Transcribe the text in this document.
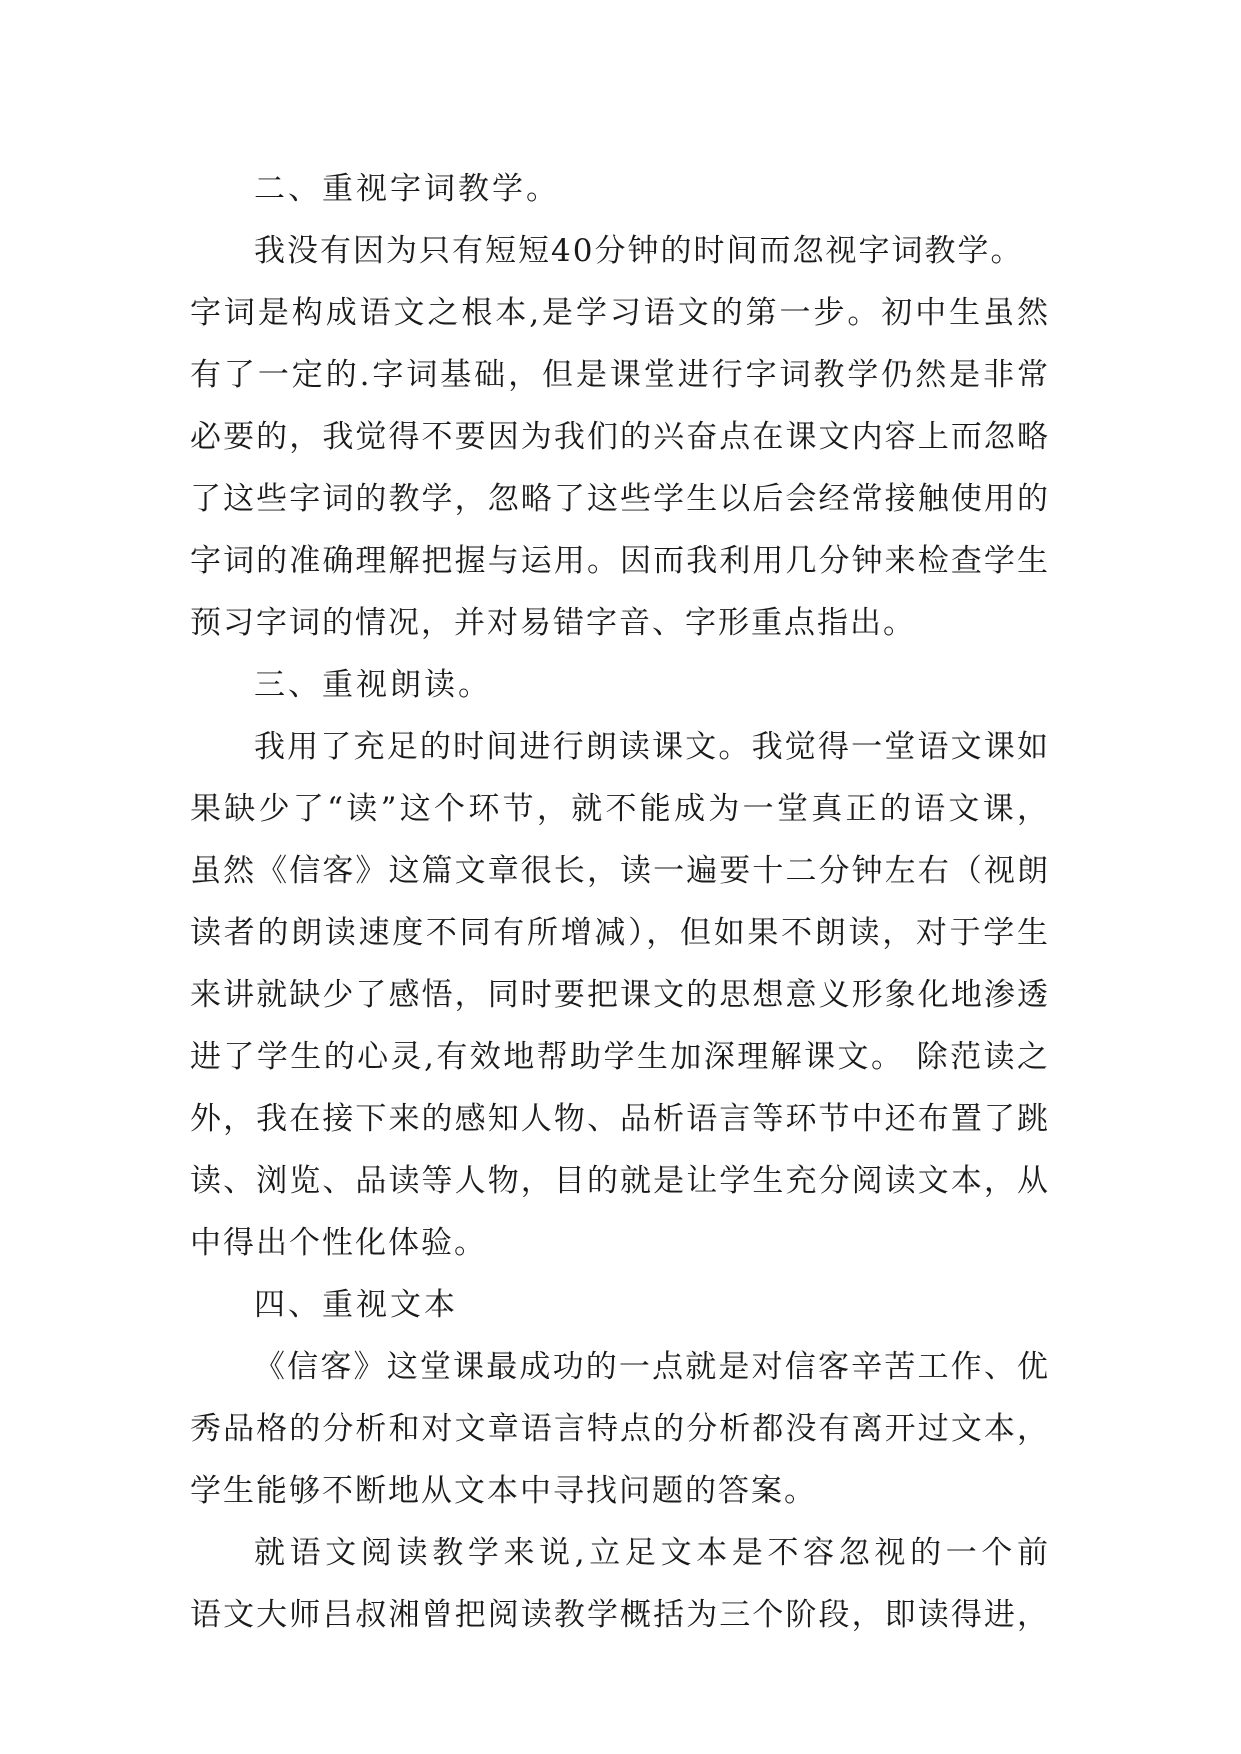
二、重视字词教学。
我没有因为只有短短40分钟的时间而忽视字词教学。
字词是构成语文之根本,是学习语文的第一步。初中生虽然
有了一定的.字词基础，但是课堂进行字词教学仍然是非常
必要的，我觉得不要因为我们的兴奋点在课文内容上而忽略
了这些字词的教学，忽略了这些学生以后会经常接触使用的
字词的准确理解把握与运用。因而我利用几分钟来检查学生
预习字词的情况，并对易错字音、字形重点指出。
三、重视朗读。
我用了充足的时间进行朗读课文。我觉得一堂语文课如
果缺少了“读”这个环节，就不能成为一堂真正的语文课，
虽然《信客》这篇文章很长，读一遍要十二分钟左右（视朗
读者的朗读速度不同有所增减），但如果不朗读，对于学生
来讲就缺少了感悟，同时要把课文的思想意义形象化地渗透
进了学生的心灵,有效地帮助学生加深理解课文。 除范读之
外，我在接下来的感知人物、品析语言等环节中还布置了跳
读、浏览、品读等人物，目的就是让学生充分阅读文本，从
中得出个性化体验。
四、重视文本
《信客》这堂课最成功的一点就是对信客辛苦工作、优
秀品格的分析和对文章语言特点的分析都没有离开过文本，
学生能够不断地从文本中寻找问题的答案。
就语文阅读教学来说,立足文本是不容忽视的一个前
语文大师吕叔湘曾把阅读教学概括为三个阶段，即读得进，
